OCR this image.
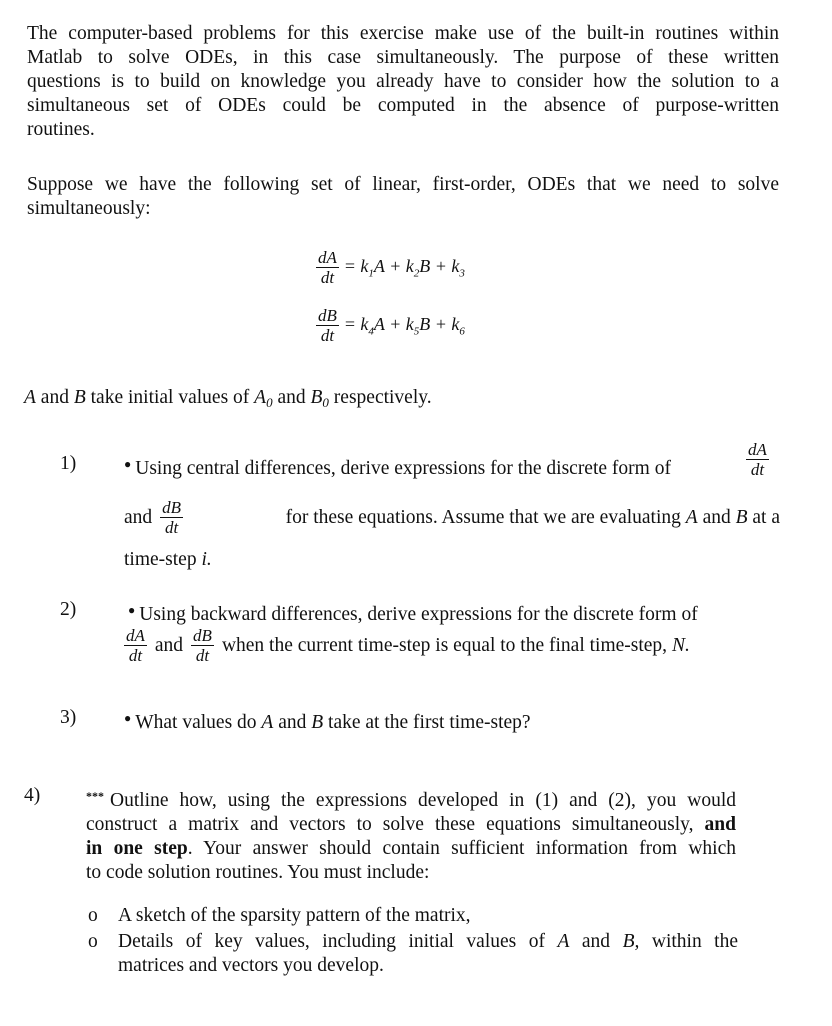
The computer-based problems for this exercise make use of the built-in routines within
Matlab to solve ODEs, in this case simultaneously. The purpose of these written
questions is to build on knowledge you already have to consider how the solution to a
simultaneous set of ODEs could be computed in the absence of purpose-written
routines.
Suppose we have the following set of linear, first-order, ODEs that we need to solve
simultaneously:
$\frac{dA}{dt} = k_1A + k_2B + k_3$
$\frac{dB}{dt} = k_4A + k_5B + k_6$
A and B take initial values of $A_0$ and $B_0$ respectively.
1)	● Using central differences, derive expressions for the discrete form of	$\frac{dA}{dt}$
and $\frac{dB}{dt}$	for these equations. Assume that we are evaluating A and B at a
time-step i.
2)	● Using backward differences, derive expressions for the discrete form of
$\frac{dA}{dt}$ and $\frac{dB}{dt}$ when the current time-step is equal to the final time-step, N.
3)	● What values do A and B take at the first time-step?
4)	*** Outline how, using the expressions developed in (1) and (2), you would
construct a matrix and vectors to solve these equations simultaneously, and
in one step. Your answer should contain sufficient information from which
to code solution routines. You must include:
o A sketch of the sparsity pattern of the matrix,
o Details of key values, including initial values of A and B, within the
matrices and vectors you develop.
